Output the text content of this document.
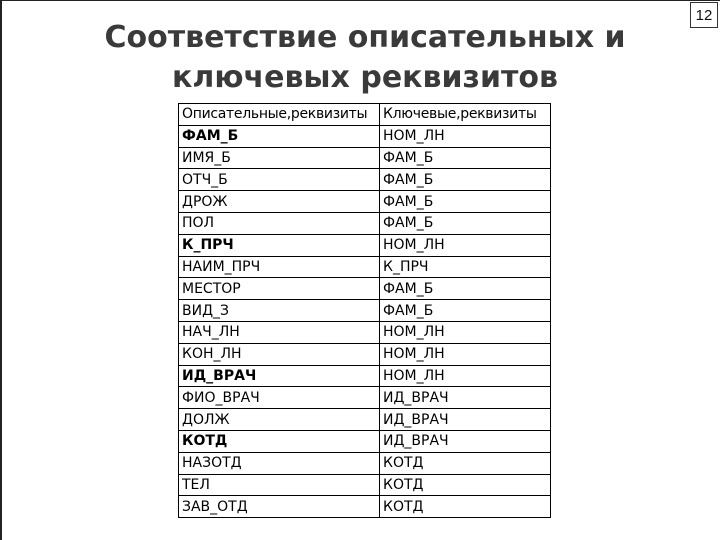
12
Соответствие описательных и
ключевых реквизитов
Описательные,реквизиты	Ключевые,реквизиты
ФАМ_Б	НОМ_ЛН
ИМЯ_Б	ФАМ_Б
ОТЧ_Б	ФАМ_Б
ДРОЖ	ФАМ_Б
ПОЛ	ФАМ_Б
К_ПРЧ	НОМ_ЛН
НАИМ_ПРЧ	К_ПРЧ
МЕСТОР	ФАМ_Б
ВИД_З	ФАМ_Б
НАЧ_ЛН	НОМ_ЛН
КОН_ЛН	НОМ_ЛН
ИД_ВРАЧ	НОМ_ЛН
ФИО_ВРАЧ	ИД_ВРАЧ
ДОЛЖ	ИД_ВРАЧ
КОТД	ИД_ВРАЧ
НАЗОТД	КОТД
ТЕЛ	КОТД
ЗАВ_ОТД	КОТД
